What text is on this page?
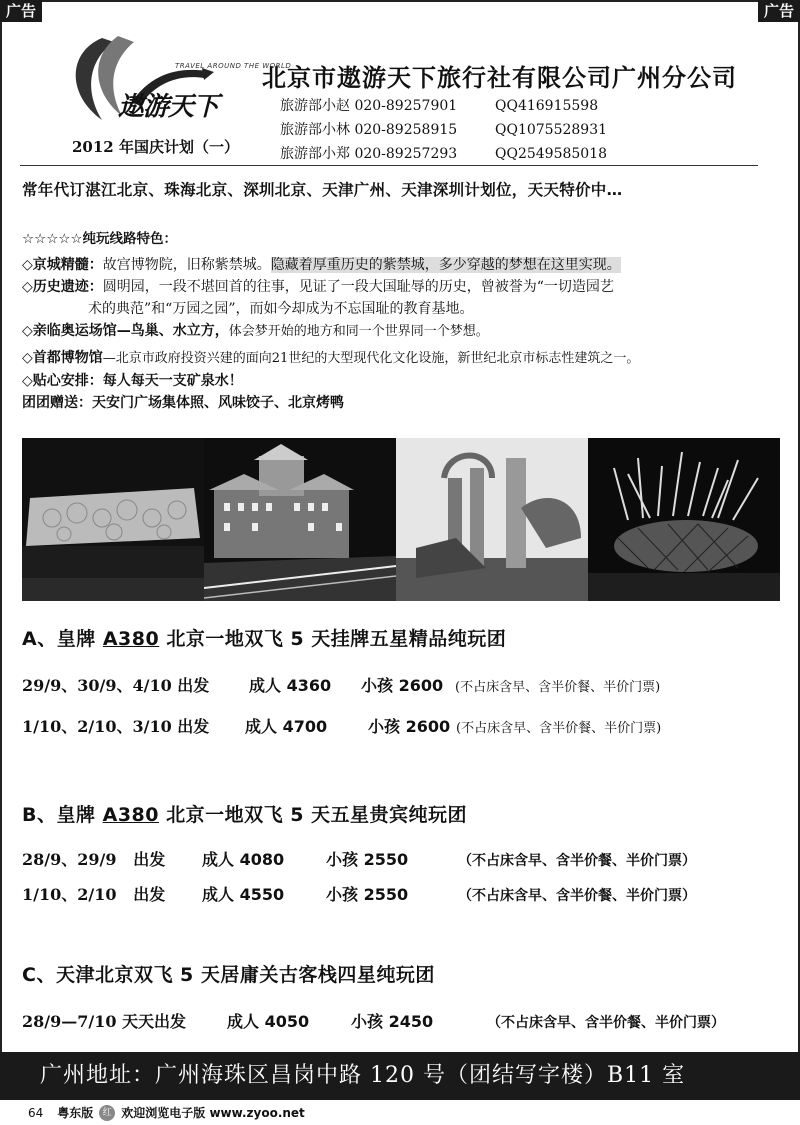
广告	广告
TRAVEL AROUND THE WORLD
遨游天下
2012 年国庆计划（一）
北京市遨游天下旅行社有限公司广州分公司
旅游部小赵 020-89257901	QQ416915598
旅游部小林 020-89258915	QQ1075528931
旅游部小郑 020-89257293	QQ2549585018
常年代订湛江北京、珠海北京、深圳北京、天津广州、天津深圳计划位，天天特价中…
☆☆☆☆☆纯玩线路特色：
◇京城精髓：故宫博物院，旧称紫禁城。隐藏着厚重历史的紫禁城，多少穿越的梦想在这里实现。
◇历史遗迹：圆明园，一段不堪回首的往事，见证了一段大国耻辱的历史，曾被誉为“一切造园艺
术的典范”和“万园之园”，而如今却成为不忘国耻的教育基地。
◇亲临奥运场馆—鸟巢、水立方，体会梦开始的地方和同一个世界同一个梦想。
◇首都博物馆—北京市政府投资兴建的面向21世纪的大型现代化文化设施，新世纪北京市标志性建筑之一。
◇贴心安排：每人每天一支矿泉水！
团团赠送：天安门广场集体照、风味饺子、北京烤鸭
A、皇牌 A380 北京一地双飞 5 天挂牌五星精品纯玩团
29/9、30/9、4/10 出发	成人 4360	小孩 2600 (不占床含早、含半价餐、半价门票)
1/10、2/10、3/10 出发	成人 4700	小孩 2600 (不占床含早、含半价餐、半价门票)
B、皇牌 A380 北京一地双飞 5 天五星贵宾纯玩团
28/9、29/9   出发	成人 4080	小孩 2550	（不占床含早、含半价餐、半价门票）
1/10、2/10   出发	成人 4550	小孩 2550	（不占床含早、含半价餐、半价门票）
C、天津北京双飞 5 天居庸关古客栈四星纯玩团
28/9—7/10 天天出发	成人 4050	小孩 2450	（不占床含早、含半价餐、半价门票）
广州地址：广州海珠区昌岗中路 120 号（团结写字楼）B11 室
64 粤东版	红 欢迎浏览电子版 www.zyoo.net
